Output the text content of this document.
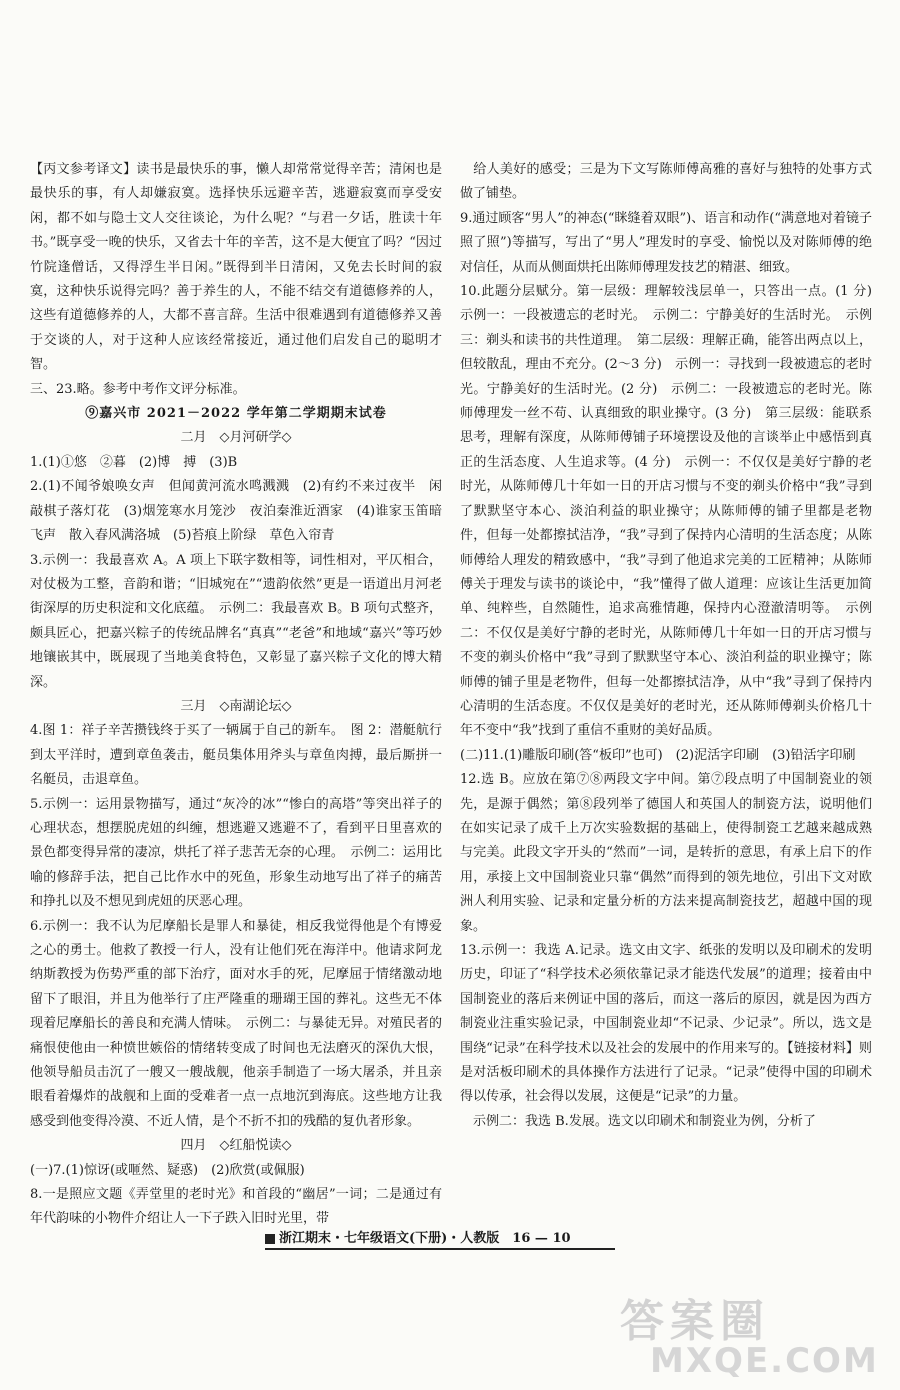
【丙文参考译文】读书是最快乐的事，懒人却常常觉得辛苦；清闲也是最快乐的事，有人却嫌寂寞。选择快乐远避辛苦，逃避寂寞而享受安闲，都不如与隐士文人交往谈论，为什么呢？“与君一夕话，胜读十年书。”既享受一晚的快乐，又省去十年的辛苦，这不是大便宜了吗？“因过竹院逢僧话，又得浮生半日闲。”既得到半日清闲，又免去长时间的寂寞，这种快乐说得完吗？善于养生的人，不能不结交有道德修养的人，这些有道德修养的人，大都不喜言辞。生活中很难遇到有道德修养又善于交谈的人，对于这种人应该经常接近，通过他们启发自己的聪明才智。

三、23.略。参考中考作文评分标准。

⑨嘉兴市 2021－2022 学年第二学期期末试卷

二月　◇月河研学◇

1.(1)①悠　②暮　(2)博　搏　(3)B

2.(1)不闻爷娘唤女声　但闻黄河流水鸣溅溅　(2)有约不来过夜半　闲敲棋子落灯花　(3)烟笼寒水月笼沙　夜泊秦淮近酒家　(4)谁家玉笛暗飞声　散入春风满洛城　(5)苔痕上阶绿　草色入帘青

3.示例一：我最喜欢 A。A 项上下联字数相等，词性相对，平仄相合，对仗极为工整，音韵和谐；“旧城宛在”“遗韵依然”更是一语道出月河老街深厚的历史积淀和文化底蕴。　示例二：我最喜欢 B。B 项句式整齐，颇具匠心，把嘉兴粽子的传统品牌名“真真”“老爸”和地域“嘉兴”等巧妙地镶嵌其中，既展现了当地美食特色，又彰显了嘉兴粽子文化的博大精深。

三月　◇南湖论坛◇

4.图 1：祥子辛苦攒钱终于买了一辆属于自己的新车。　图 2：潜艇航行到太平洋时，遭到章鱼袭击，艇员集体用斧头与章鱼肉搏，最后厮拼一名艇员，击退章鱼。

5.示例一：运用景物描写，通过“灰冷的冰”“惨白的高塔”等突出祥子的心理状态，想摆脱虎妞的纠缠，想逃避又逃避不了，看到平日里喜欢的景色都变得异常的凄凉，烘托了祥子悲苦无奈的心理。　示例二：运用比喻的修辞手法，把自己比作水中的死鱼，形象生动地写出了祥子的痛苦和挣扎以及不想见到虎妞的厌恶心理。

6.示例一：我不认为尼摩船长是罪人和暴徒，相反我觉得他是个有博爱之心的勇士。他救了教授一行人，没有让他们死在海洋中。他请求阿龙纳斯教授为伤势严重的部下治疗，面对水手的死，尼摩屈于情绪激动地留下了眼泪，并且为他举行了庄严隆重的珊瑚王国的葬礼。这些无不体现着尼摩船长的善良和充满人情味。　示例二：与暴徒无异。对殖民者的痛恨使他由一种愤世嫉俗的情绪转变成了时间也无法磨灭的深仇大恨，他领导船员击沉了一艘又一艘战舰，他亲手制造了一场大屠杀，并且亲眼看着爆炸的战舰和上面的受难者一点一点地沉到海底。这些地方让我感受到他变得冷漠、不近人情，是个不折不扣的残酷的复仇者形象。

四月　◇红船悦读◇

(一)7.(1)惊讶(或咂然、疑惑)　(2)欣赏(或佩服)

8.一是照应文题《弄堂里的老时光》和首段的“幽居”一词；二是通过有年代韵味的小物件介绍让人一下子跌入旧时光里，带

　给人美好的感受；三是为下文写陈师傅高雅的喜好与独特的处事方式做了铺垫。

9.通过顾客“男人”的神态(“眯缝着双眼”)、语言和动作(“满意地对着镜子照了照”)等描写，写出了“男人”理发时的享受、愉悦以及对陈师傅的绝对信任，从而从侧面烘托出陈师傅理发技艺的精湛、细致。

10.此题分层赋分。第一层级：理解较浅层单一，只答出一点。(1 分)　示例一：一段被遗忘的老时光。　示例二：宁静美好的生活时光。　示例三：剃头和读书的共性道理。　第二层级：理解正确，能答出两点以上，但较散乱，理由不充分。(2～3 分)　示例一：寻找到一段被遗忘的老时光。宁静美好的生活时光。(2 分)　示例二：一段被遗忘的老时光。陈师傅理发一丝不苟、认真细致的职业操守。(3 分)　第三层级：能联系思考，理解有深度，从陈师傅铺子环境摆设及他的言谈举止中感悟到真正的生活态度、人生追求等。(4 分)　示例一：不仅仅是美好宁静的老时光，从陈师傅几十年如一日的开店习惯与不变的剃头价格中“我”寻到了默默坚守本心、淡泊利益的职业操守；从陈师傅的铺子里都是老物件，但每一处都擦拭洁净，“我”寻到了保持内心清明的生活态度；从陈师傅给人理发的精致感中，“我”寻到了他追求完美的工匠精神；从陈师傅关于理发与读书的谈论中，“我”懂得了做人道理：应该让生活更加简单、纯粹些，自然随性，追求高雅情趣，保持内心澄澈清明等。　示例二：不仅仅是美好宁静的老时光，从陈师傅几十年如一日的开店习惯与不变的剃头价格中“我”寻到了默默坚守本心、淡泊利益的职业操守；陈师傅的铺子里是老物件，但每一处都擦拭洁净，从中“我”寻到了保持内心清明的生活态度。不仅仅是美好的老时光，还从陈师傅剃头价格几十年不变中“我”找到了重信不重财的美好品质。

(二)11.(1)雕版印刷(答“板印”也可)　(2)泥活字印刷　(3)铅活字印刷

12.选 B。应放在第⑦⑧两段文字中间。第⑦段点明了中国制瓷业的领先，是源于偶然；第⑧段列举了德国人和英国人的制瓷方法，说明他们在如实记录了成千上万次实验数据的基础上，使得制瓷工艺越来越成熟与完美。此段文字开头的“然而”一词，是转折的意思，有承上启下的作用，承接上文中国制瓷业只靠“偶然”而得到的领先地位，引出下文对欧洲人利用实验、记录和定量分析的方法来提高制瓷技艺，超越中国的现象。

13.示例一：我选 A.记录。选文由文字、纸张的发明以及印刷术的发明历史，印证了“科学技术必须依靠记录才能迭代发展”的道理；接着由中国制瓷业的落后来例证中国的落后，而这一落后的原因，就是因为西方制瓷业注重实验记录，中国制瓷业却“不记录、少记录”。所以，选文是围绕“记录”在科学技术以及社会的发展中的作用来写的。【链接材料】则是对活板印刷术的具体操作方法进行了记录。“记录”使得中国的印刷术得以传承，社会得以发展，这便是“记录”的力量。

　示例二：我选 B.发展。选文以印刷术和制瓷业为例，分析了

浙江期末・七年级语文(下册)・人教版　16 — 10
答案圈
MXQE.COM
